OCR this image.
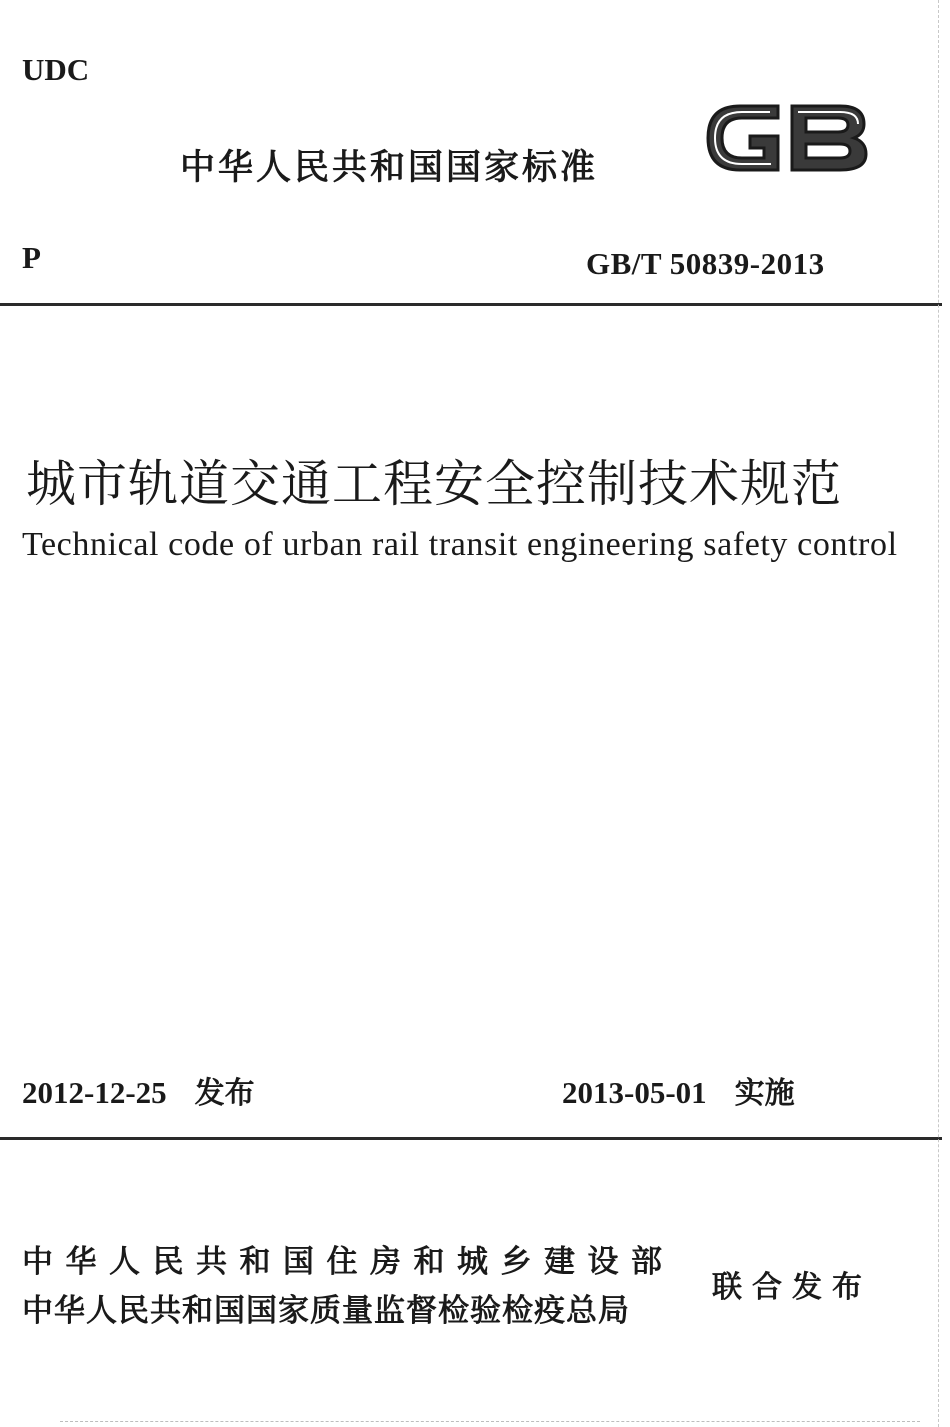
UDC
中华人民共和国国家标准
P	GB/T 50839-2013
城市轨道交通工程安全控制技术规范
Technical code of urban rail transit engineering safety control
2012-12-25 发布	2013-05-01 实施
中华人民共和国住房和城乡建设部
中华人民共和国国家质量监督检验检疫总局
联合发布
